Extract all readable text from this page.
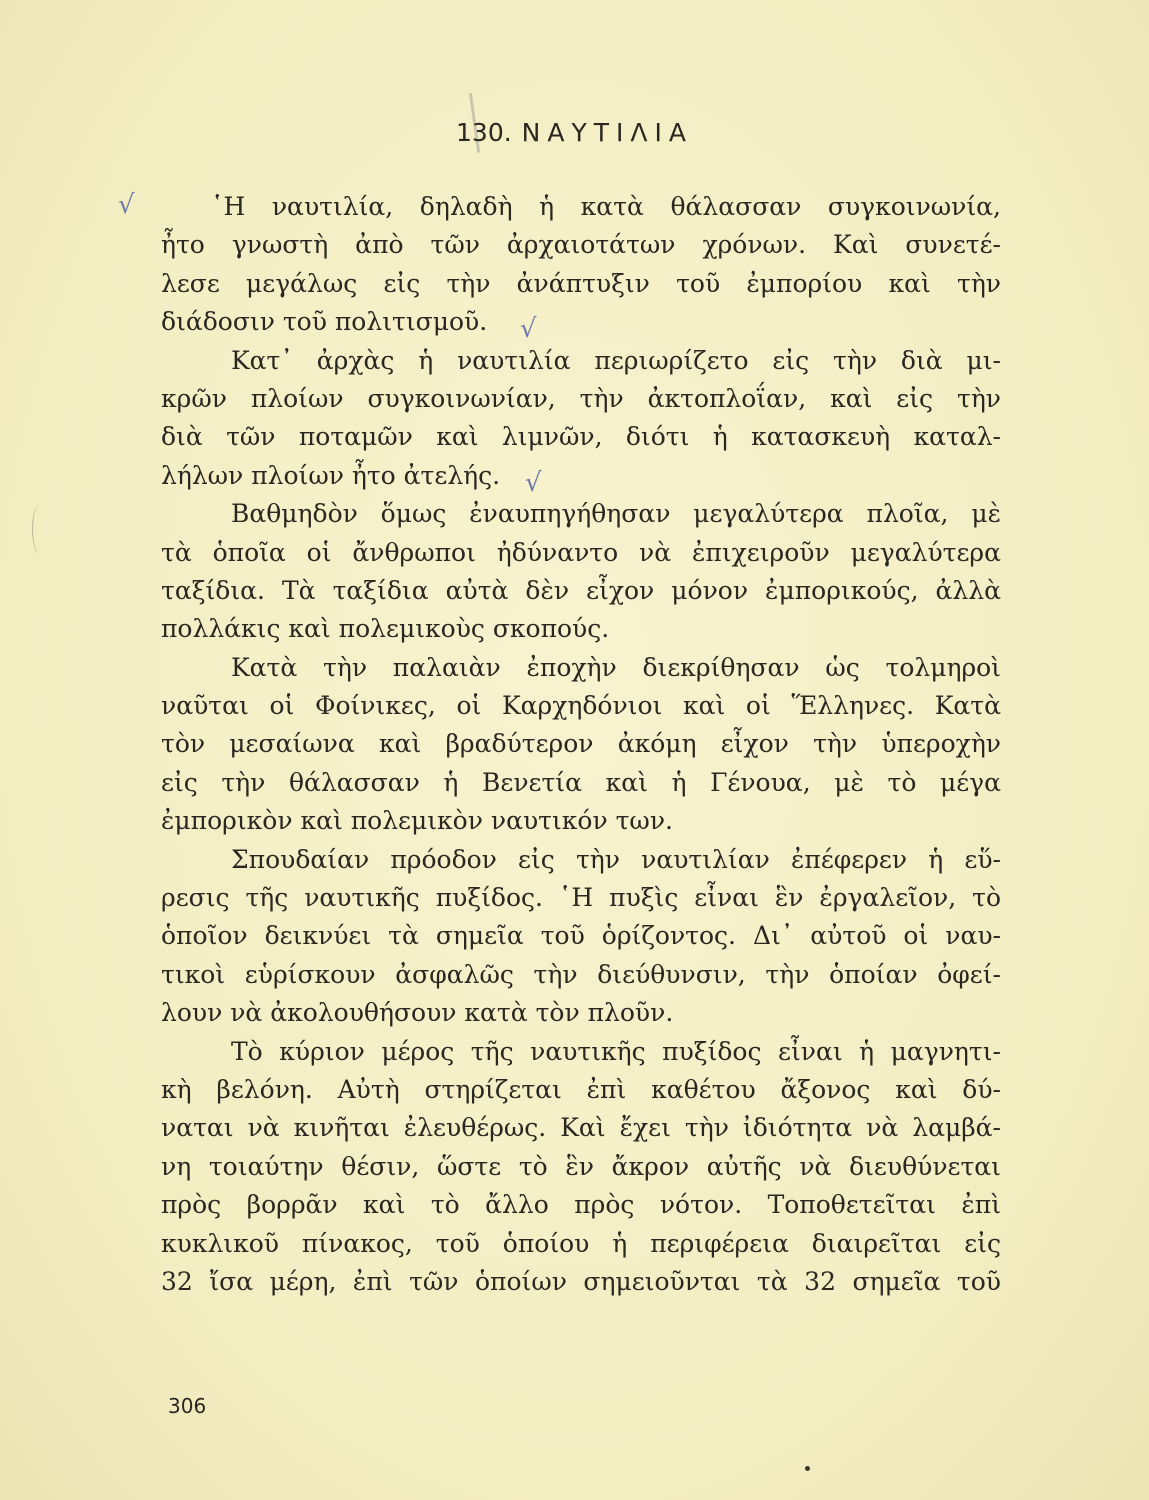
130. ΝΑΥΤΙΛΙΑ
√
√
√
῾Η ναυτιλία, δηλαδὴ ἡ κατὰ θάλασσαν συγκοινωνία,
ἦτο γνωστὴ ἀπὸ τῶν ἀρχαιοτάτων χρόνων. Καὶ συνετέ-
λεσε μεγάλως εἰς τὴν ἀνάπτυξιν τοῦ ἐμπορίου καὶ τὴν
διάδοσιν τοῦ πολιτισμοῦ.
Κατ᾽ ἀρχὰς ἡ ναυτιλία περιωρίζετο εἰς τὴν διὰ μι-
κρῶν πλοίων συγκοινωνίαν, τὴν ἀκτοπλοΐαν, καὶ εἰς τὴν
διὰ τῶν ποταμῶν καὶ λιμνῶν, διότι ἡ κατασκευὴ καταλ-
λήλων πλοίων ἦτο ἀτελής.
Βαθμηδὸν ὅμως ἐναυπηγήθησαν μεγαλύτερα πλοῖα, μὲ
τὰ ὁποῖα οἱ ἄνθρωποι ἠδύναντο νὰ ἐπιχειροῦν μεγαλύτερα
ταξίδια. Τὰ ταξίδια αὐτὰ δὲν εἶχον μόνον ἐμπορικούς, ἀλλὰ
πολλάκις καὶ πολεμικοὺς σκοπούς.
Κατὰ τὴν παλαιὰν ἐποχὴν διεκρίθησαν ὡς τολμηροὶ
ναῦται οἱ Φοίνικες, οἱ Καρχηδόνιοι καὶ οἱ Ἕλληνες. Κατὰ
τὸν μεσαίωνα καὶ βραδύτερον ἀκόμη εἶχον τὴν ὑπεροχὴν
εἰς τὴν θάλασσαν ἡ Βενετία καὶ ἡ Γένουα, μὲ τὸ μέγα
ἐμπορικὸν καὶ πολεμικὸν ναυτικόν των.
Σπουδαίαν πρόοδον εἰς τὴν ναυτιλίαν ἐπέφερεν ἡ εὕ-
ρεσις τῆς ναυτικῆς πυξίδος. ῾Η πυξὶς εἶναι ἓν ἐργαλεῖον, τὸ
ὁποῖον δεικνύει τὰ σημεῖα τοῦ ὁρίζοντος. Δι᾽ αὐτοῦ οἱ ναυ-
τικοὶ εὑρίσκουν ἀσφαλῶς τὴν διεύθυνσιν, τὴν ὁποίαν ὀφεί-
λουν νὰ ἀκολουθήσουν κατὰ τὸν πλοῦν.
Τὸ κύριον μέρος τῆς ναυτικῆς πυξίδος εἶναι ἡ μαγνητι-
κὴ βελόνη. Αὐτὴ στηρίζεται ἐπὶ καθέτου ἄξονος καὶ δύ-
ναται νὰ κινῆται ἐλευθέρως. Καὶ ἔχει τὴν ἰδιότητα νὰ λαμβά-
νη τοιαύτην θέσιν, ὥστε τὸ ἓν ἄκρον αὐτῆς νὰ διευθύνεται
πρὸς βορρᾶν καὶ τὸ ἄλλο πρὸς νότον. Τοποθετεῖται ἐπὶ
κυκλικοῦ πίνακος, τοῦ ὁποίου ἡ περιφέρεια διαιρεῖται εἰς
32 ἴσα μέρη, ἐπὶ τῶν ὁποίων σημειοῦνται τὰ 32 σημεῖα τοῦ
306
